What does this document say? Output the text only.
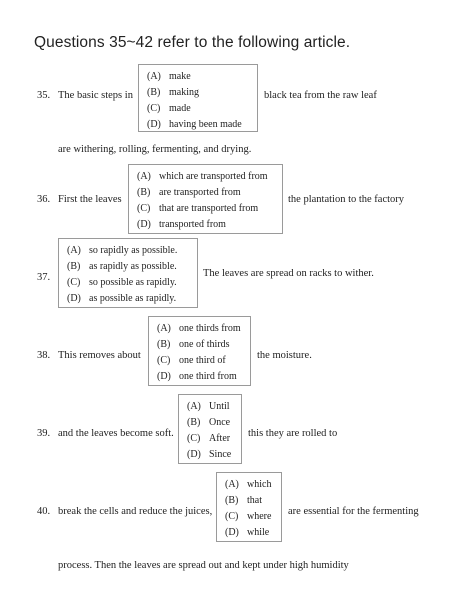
Questions 35~42 refer to the following article.
35. The basic steps in
(A) make
(B) making
(C) made
(D) having been made
black tea from the raw leaf
are withering, rolling, fermenting, and drying.
36. First the leaves
(A) which are transported from
(B) are transported from
(C) that are transported from
(D) transported from
the plantation to the factory
37.
(A) so rapidly as possible.
(B) as rapidly as possible.
(C) so possible as rapidly.
(D) as possible as rapidly.
The leaves are spread on racks to wither.
38. This removes about
(A) one thirds from
(B) one of thirds
(C) one third of
(D) one third from
the moisture.
39. and the leaves become soft.
(A) Until
(B) Once
(C) After
(D) Since
this they are rolled to
40. break the cells and reduce the juices,
(A) which
(B) that
(C) where
(D) while
are essential for the fermenting
process. Then the leaves are spread out and kept under high humidity
